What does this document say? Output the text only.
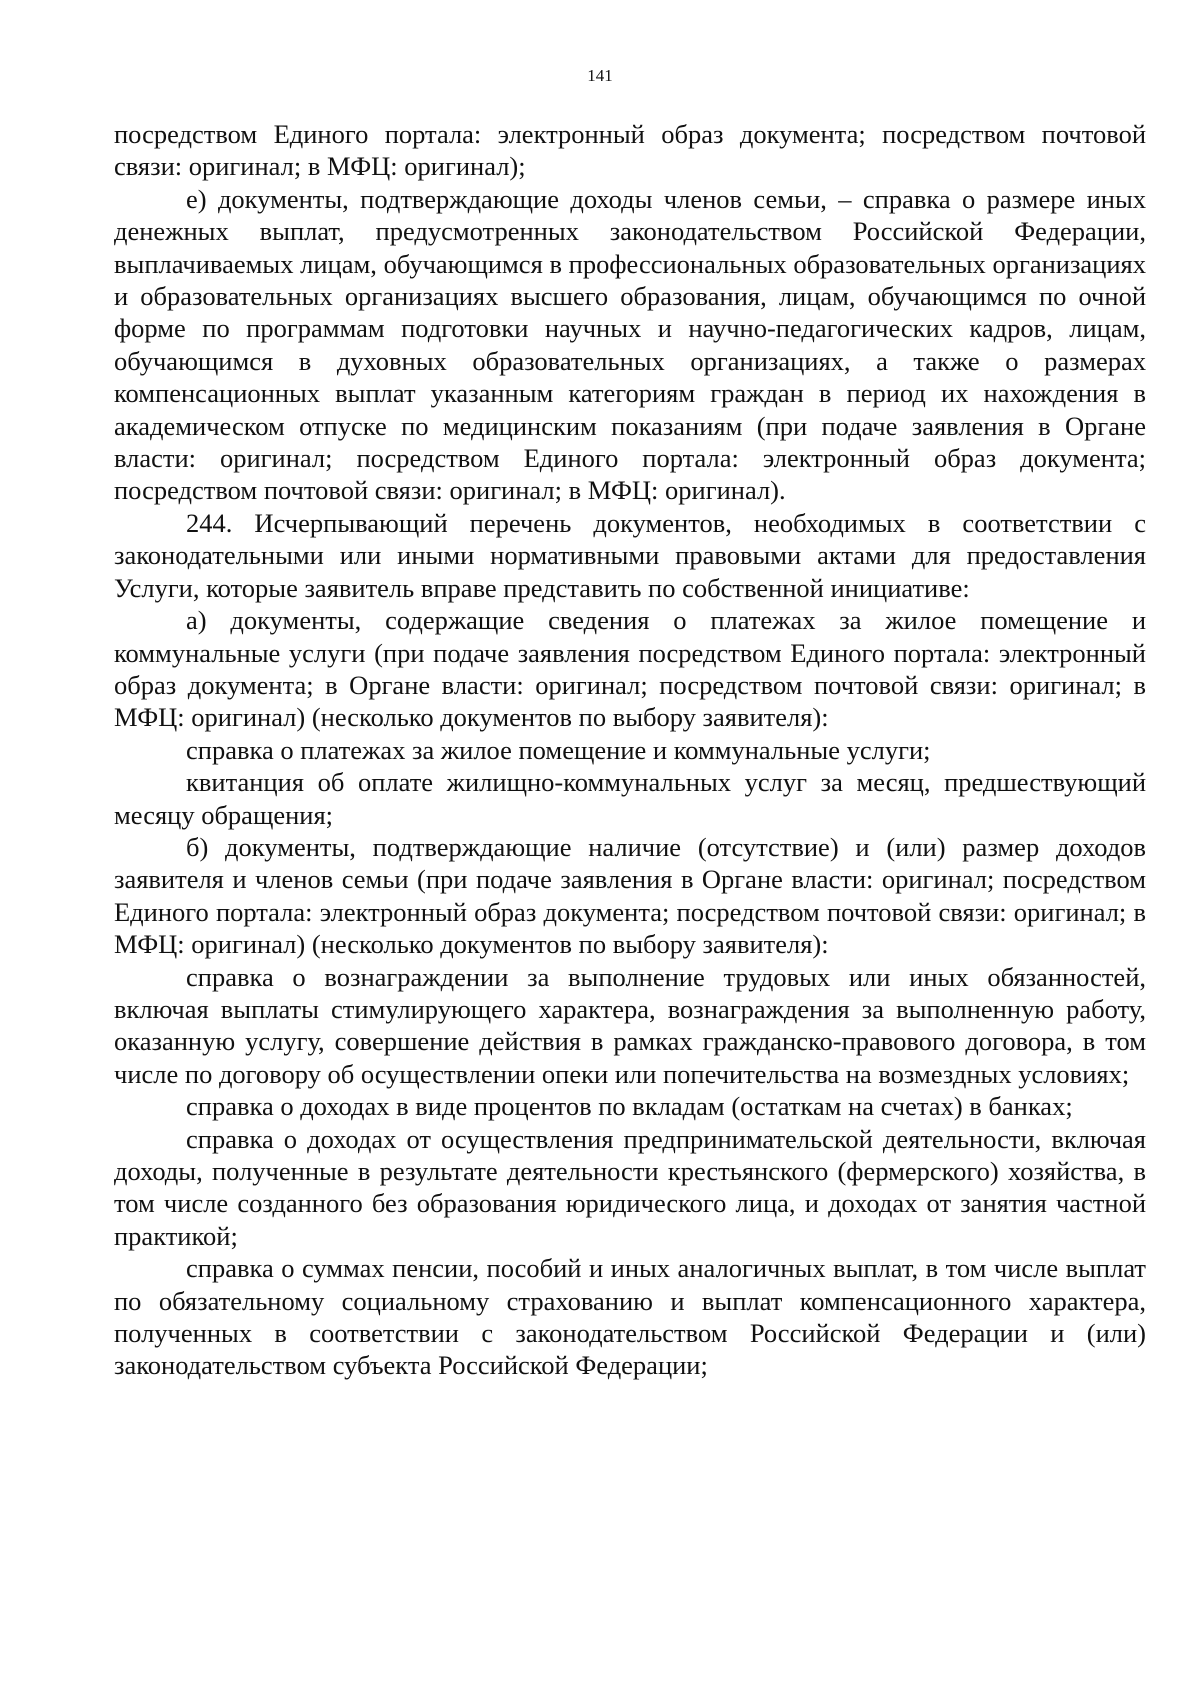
141

посредством Единого портала: электронный образ документа; посредством почтовой связи: оригинал; в МФЦ: оригинал);

е) документы, подтверждающие доходы членов семьи, – справка о размере иных денежных выплат, предусмотренных законодательством Российской Федерации, выплачиваемых лицам, обучающимся в профессиональных образовательных организациях и образовательных организациях высшего образования, лицам, обучающимся по очной форме по программам подготовки научных и научно-педагогических кадров, лицам, обучающимся в духовных образовательных организациях, а также о размерах компенсационных выплат указанным категориям граждан в период их нахождения в академическом отпуске по медицинским показаниям (при подаче заявления в Органе власти: оригинал; посредством Единого портала: электронный образ документа; посредством почтовой связи: оригинал; в МФЦ: оригинал).

244. Исчерпывающий перечень документов, необходимых в соответствии с законодательными или иными нормативными правовыми актами для предоставления Услуги, которые заявитель вправе представить по собственной инициативе:

а) документы, содержащие сведения о платежах за жилое помещение и коммунальные услуги (при подаче заявления посредством Единого портала: электронный образ документа; в Органе власти: оригинал; посредством почтовой связи: оригинал; в МФЦ: оригинал) (несколько документов по выбору заявителя):

справка о платежах за жилое помещение и коммунальные услуги;

квитанция об оплате жилищно-коммунальных услуг за месяц, предшествующий месяцу обращения;

б) документы, подтверждающие наличие (отсутствие) и (или) размер доходов заявителя и членов семьи (при подаче заявления в Органе власти: оригинал; посредством Единого портала: электронный образ документа; посредством почтовой связи: оригинал; в МФЦ: оригинал) (несколько документов по выбору заявителя):

справка о вознаграждении за выполнение трудовых или иных обязанностей, включая выплаты стимулирующего характера, вознаграждения за выполненную работу, оказанную услугу, совершение действия в рамках гражданско-правового договора, в том числе по договору об осуществлении опеки или попечительства на возмездных условиях;

справка о доходах в виде процентов по вкладам (остаткам на счетах) в банках;

справка о доходах от осуществления предпринимательской деятельности, включая доходы, полученные в результате деятельности крестьянского (фермерского) хозяйства, в том числе созданного без образования юридического лица, и доходах от занятия частной практикой;

справка о суммах пенсии, пособий и иных аналогичных выплат, в том числе выплат по обязательному социальному страхованию и выплат компенсационного характера, полученных в соответствии с законодательством Российской Федерации и (или) законодательством субъекта Российской Федерации;
